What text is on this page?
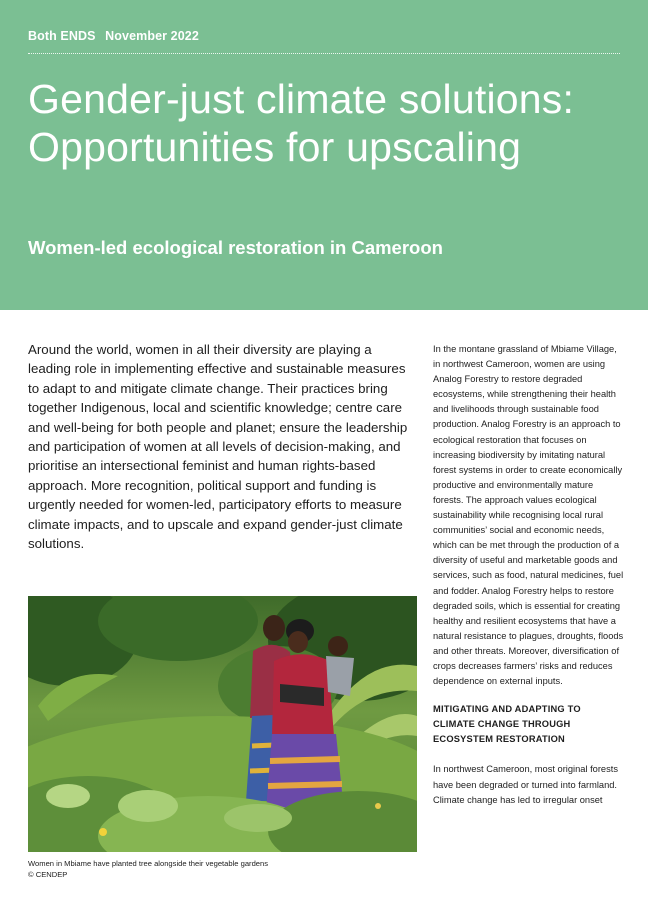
Both ENDS November 2022
Gender-just climate solutions: Opportunities for upscaling
Women-led ecological restoration in Cameroon

Around the world, women in all their diversity are playing a leading role in implementing effective and sustainable measures to adapt to and mitigate climate change. Their practices bring together Indigenous, local and scientific knowledge; centre care and well-being for both people and planet; ensure the leadership and participation of women at all levels of decision-making, and prioritise an intersectional feminist and human rights-based approach. More recognition, political support and funding is urgently needed for women-led, participatory efforts to measure climate impacts, and to upscale and expand gender-just climate solutions.

Women in Mbiame have planted tree alongside their vegetable gardens
© CENDEP

In the montane grassland of Mbiame Village, in northwest Cameroon, women are using Analog Forestry to restore degraded ecosystems, while strengthening their health and livelihoods through sustainable food production. Analog Forestry is an approach to ecological restoration that focuses on increasing biodiversity by imitating natural forest systems in order to create economically productive and environmentally mature forests. The approach values ecological sustainability while recognising local rural communities’ social and economic needs, which can be met through the production of a diversity of useful and marketable goods and services, such as food, natural medicines, fuel and fodder. Analog Forestry helps to restore degraded soils, which is essential for creating healthy and resilient ecosystems that have a natural resistance to plagues, droughts, floods and other threats. Moreover, diversification of crops decreases farmers’ risks and reduces dependence on external inputs.

MITIGATING AND ADAPTING TO CLIMATE CHANGE THROUGH ECOSYSTEM RESTORATION

In northwest Cameroon, most original forests have been degraded or turned into farmland. Climate change has led to irregular onset
